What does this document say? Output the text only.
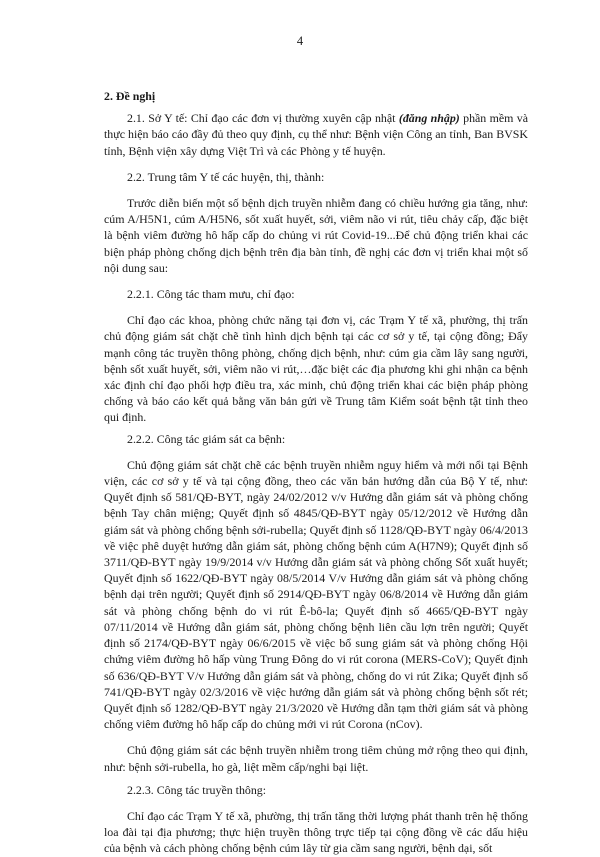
4

2. Đề nghị

2.1. Sở Y tế: Chỉ đạo các đơn vị thường xuyên cập nhật (đăng nhập) phần mềm và thực hiện báo cáo đầy đủ theo quy định, cụ thể như: Bệnh viện Công an tỉnh, Ban BVSK tỉnh, Bệnh viện xây dựng Việt Trì và các Phòng y tế huyện.

2.2. Trung tâm Y tế các huyện, thị, thành:

Trước diễn biến một số bệnh dịch truyền nhiễm đang có chiều hướng gia tăng, như: cúm A/H5N1, cúm A/H5N6, sốt xuất huyết, sởi, viêm não vi rút, tiêu chảy cấp, đặc biệt là bệnh viêm đường hô hấp cấp do chủng vi rút Covid-19...Để chủ động triển khai các biện pháp phòng chống dịch bệnh trên địa bàn tỉnh, đề nghị các đơn vị triển khai một số nội dung sau:

2.2.1. Công tác tham mưu, chỉ đạo:

Chỉ đạo các khoa, phòng chức năng tại đơn vị, các Trạm Y tế xã, phường, thị trấn chủ động giám sát chặt chẽ tình hình dịch bệnh tại các cơ sở y tế, tại cộng đồng; Đẩy mạnh công tác truyền thông phòng, chống dịch bệnh, như: cúm gia cầm lây sang người, bệnh sốt xuất huyết, sởi, viêm não vi rút,…đặc biệt các địa phương khi ghi nhận ca bệnh xác định chỉ đạo phối hợp điều tra, xác minh, chủ động triển khai các biện pháp phòng chống và báo cáo kết quả bằng văn bản gửi về Trung tâm Kiểm soát bệnh tật tỉnh theo qui định.

2.2.2. Công tác giám sát ca bệnh:

Chủ động giám sát chặt chẽ các bệnh truyền nhiễm nguy hiểm và mới nổi tại Bệnh viện, các cơ sở y tế và tại cộng đồng, theo các văn bản hướng dẫn của Bộ Y tế, như: Quyết định số 581/QĐ-BYT, ngày 24/02/2012 v/v Hướng dẫn giám sát và phòng chống bệnh Tay chân miệng; Quyết định số 4845/QĐ-BYT ngày 05/12/2012 về Hướng dẫn giám sát và phòng chống bệnh sởi-rubella; Quyết định số 1128/QĐ-BYT ngày 06/4/2013 về việc phê duyệt hướng dẫn giám sát, phòng chống bệnh cúm A(H7N9); Quyết định số 3711/QĐ-BYT ngày 19/9/2014 v/v Hướng dẫn giám sát và phòng chống Sốt xuất huyết; Quyết định số 1622/QĐ-BYT ngày 08/5/2014 V/v Hướng dẫn giám sát và phòng chống bệnh dại trên người; Quyết định số 2914/QĐ-BYT ngày 06/8/2014 về Hướng dẫn giám sát và phòng chống bệnh do vi rút Ê-bô-la; Quyết định số 4665/QĐ-BYT ngày 07/11/2014 về Hướng dẫn giám sát, phòng chống bệnh liên cầu lợn trên người; Quyết định số 2174/QĐ-BYT ngày 06/6/2015 về việc bổ sung giám sát và phòng chống Hội chứng viêm đường hô hấp vùng Trung Đông do vi rút corona (MERS-CoV); Quyết định số 636/QĐ-BYT V/v Hướng dẫn giám sát và phòng, chống do vi rút Zika; Quyết định số 741/QĐ-BYT ngày 02/3/2016 về việc hướng dẫn giám sát và phòng chống bệnh sốt rét; Quyết định số 1282/QĐ-BYT ngày 21/3/2020 về Hướng dẫn tạm thời giám sát và phòng chống viêm đường hô hấp cấp do chủng mới vi rút Corona (nCov).

Chủ động giám sát các bệnh truyền nhiễm trong tiêm chủng mở rộng theo qui định, như: bệnh sởi-rubella, ho gà, liệt mềm cấp/nghi bại liệt.

2.2.3. Công tác truyền thông:

Chỉ đạo các Trạm Y tế xã, phường, thị trấn tăng thời lượng phát thanh trên hệ thống loa đài tại địa phương; thực hiện truyền thông trực tiếp tại cộng đồng về các dấu hiệu của bệnh và cách phòng chống bệnh cúm lây từ gia cầm sang người, bệnh dại, sốt
